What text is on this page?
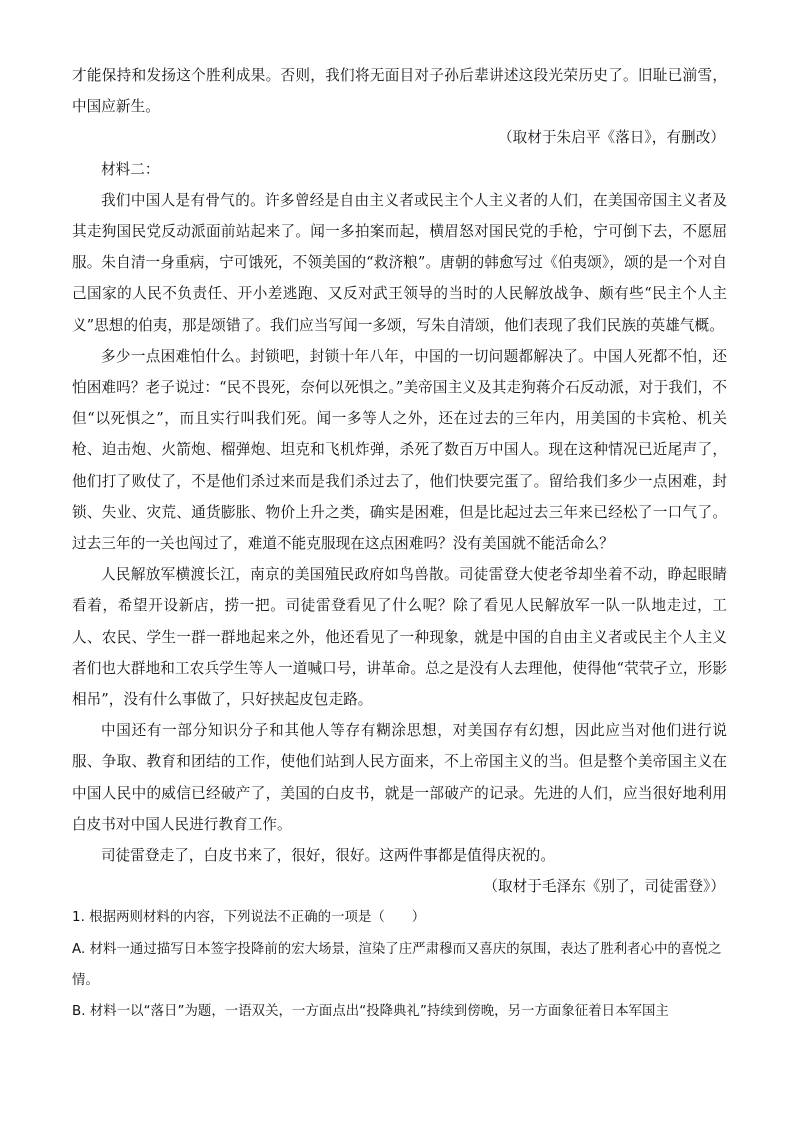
才能保持和发扬这个胜利成果。否则，我们将无面目对子孙后辈讲述这段光荣历史了。旧耻已湔雪，中国应新生。

（取材于朱启平《落日》，有删改）

材料二：

我们中国人是有骨气的。许多曾经是自由主义者或民主个人主义者的人们，在美国帝国主义者及其走狗国民党反动派面前站起来了。闻一多拍案而起，横眉怒对国民党的手枪，宁可倒下去，不愿屈服。朱自清一身重病，宁可饿死，不领美国的“救济粮”。唐朝的韩愈写过《伯夷颂》，颂的是一个对自己国家的人民不负责任、开小差逃跑、又反对武王领导的当时的人民解放战争、颇有些“民主个人主义”思想的伯夷，那是颂错了。我们应当写闻一多颂，写朱自清颂，他们表现了我们民族的英雄气概。

多少一点困难怕什么。封锁吧，封锁十年八年，中国的一切问题都解决了。中国人死都不怕，还怕困难吗？老子说过：“民不畏死，奈何以死惧之。”美帝国主义及其走狗蒋介石反动派，对于我们，不但“以死惧之”，而且实行叫我们死。闻一多等人之外，还在过去的三年内，用美国的卡宾枪、机关枪、迫击炮、火箭炮、榴弹炮、坦克和飞机炸弹，杀死了数百万中国人。现在这种情况已近尾声了，他们打了败仗了，不是他们杀过来而是我们杀过去了，他们快要完蛋了。留给我们多少一点困难，封锁、失业、灾荒、通货膨胀、物价上升之类，确实是困难，但是比起过去三年来已经松了一口气了。过去三年的一关也闯过了，难道不能克服现在这点困难吗？没有美国就不能活命么？

人民解放军横渡长江，南京的美国殖民政府如鸟兽散。司徒雷登大使老爷却坐着不动，睁起眼睛看着，希望开设新店，捞一把。司徒雷登看见了什么呢？除了看见人民解放军一队一队地走过，工人、农民、学生一群一群地起来之外，他还看见了一种现象，就是中国的自由主义者或民主个人主义者们也大群地和工农兵学生等人一道喊口号，讲革命。总之是没有人去理他，使得他“茕茕孑立，形影相吊”，没有什么事做了，只好挟起皮包走路。

中国还有一部分知识分子和其他人等存有糊涂思想，对美国存有幻想，因此应当对他们进行说服、争取、教育和团结的工作，使他们站到人民方面来，不上帝国主义的当。但是整个美帝国主义在中国人民中的威信已经破产了，美国的白皮书，就是一部破产的记录。先进的人们，应当很好地利用白皮书对中国人民进行教育工作。

司徒雷登走了，白皮书来了，很好，很好。这两件事都是值得庆祝的。

（取材于毛泽东《别了，司徒雷登》）

1. 根据两则材料的内容，下列说法不正确的一项是（　　）

A. 材料一通过描写日本签字投降前的宏大场景，渲染了庄严肃穆而又喜庆的氛围，表达了胜利者心中的喜悦之情。

B. 材料一以“落日”为题，一语双关，一方面点出“投降典礼”持续到傍晚，另一方面象征着日本军国主
